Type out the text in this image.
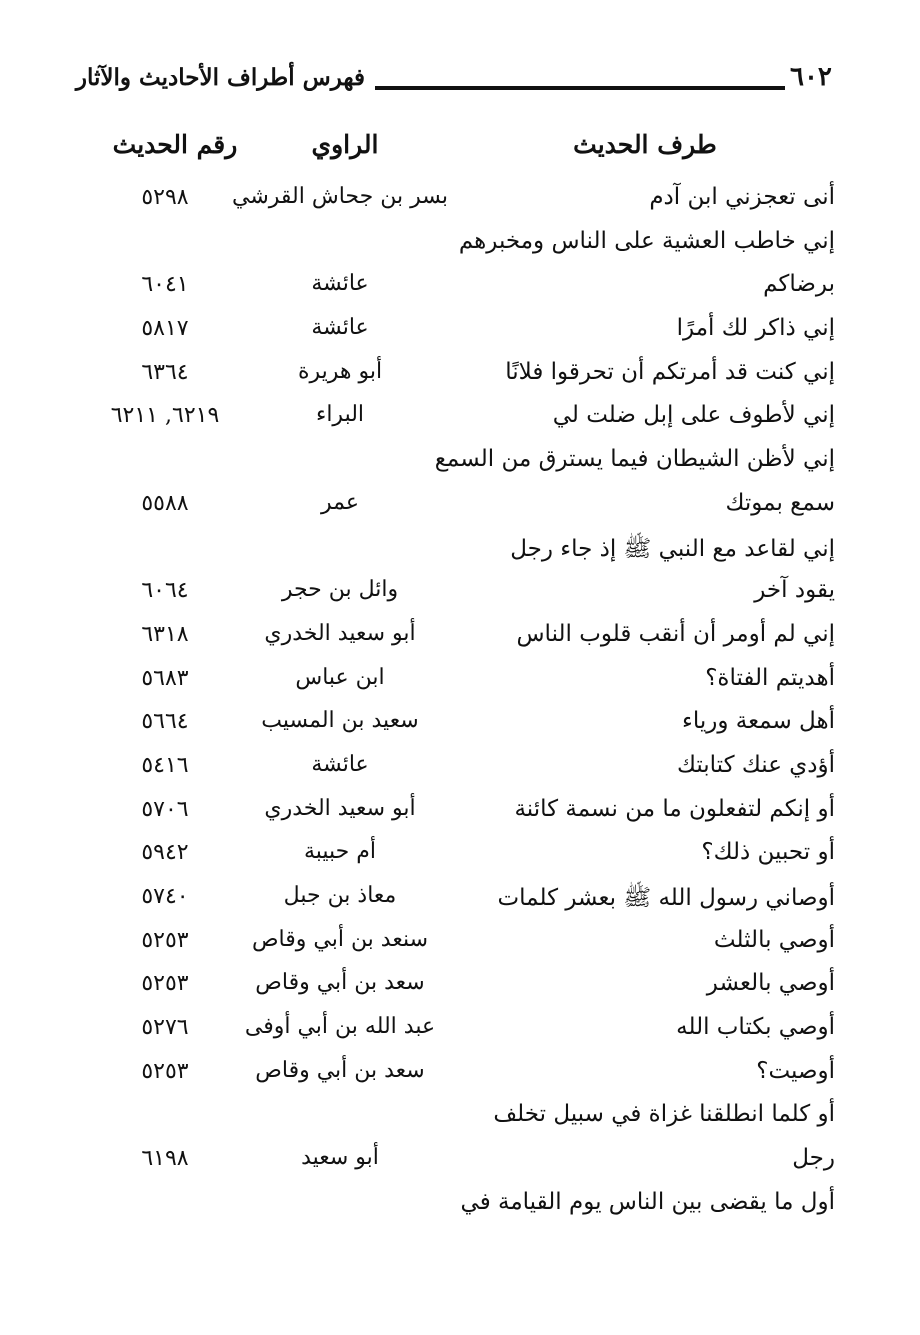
٦٠٢
فهرس أطراف الأحاديث والآثار
طرف الحديث
الراوي
رقم الحديث
أنى تعجزني ابن آدم
بسر بن جحاش القرشي
٥٢٩٨
إني خاطب العشية على الناس ومخبرهم
برضاكم
عائشة
٦٠٤١
إني ذاكر لك أمرًا
عائشة
٥٨١٧
إني كنت قد أمرتكم أن تحرقوا فلانًا
أبو هريرة
٦٣٦٤
إني لأطوف على إبل ضلت لي
البراء
٦٢١٩, ٦٢١١
إني لأظن الشيطان فيما يسترق من السمع
سمع بموتك
عمر
٥٥٨٨
إني لقاعد مع النبي ﷺ إذ جاء رجل
يقود آخر
وائل بن حجر
٦٠٦٤
إني لم أومر أن أنقب قلوب الناس
أبو سعيد الخدري
٦٣١٨
أهديتم الفتاة؟
ابن عباس
٥٦٨٣
أهل سمعة ورياء
سعيد بن المسيب
٥٦٦٤
أؤدي عنك كتابتك
عائشة
٥٤١٦
أو إنكم لتفعلون ما من نسمة كائنة
أبو سعيد الخدري
٥٧٠٦
أو تحبين ذلك؟
أم حبيبة
٥٩٤٢
أوصاني رسول الله ﷺ بعشر كلمات
معاذ بن جبل
٥٧٤٠
أوصي بالثلث
سنعد بن أبي وقاص
٥٢٥٣
أوصي بالعشر
سعد بن أبي وقاص
٥٢٥٣
أوصي بكتاب الله
عبد الله بن أبي أوفى
٥٢٧٦
أوصيت؟
سعد بن أبي وقاص
٥٢٥٣
أو كلما انطلقنا غزاة في سبيل تخلف
رجل
أبو سعيد
٦١٩٨
أول ما يقضى بين الناس يوم القيامة في
